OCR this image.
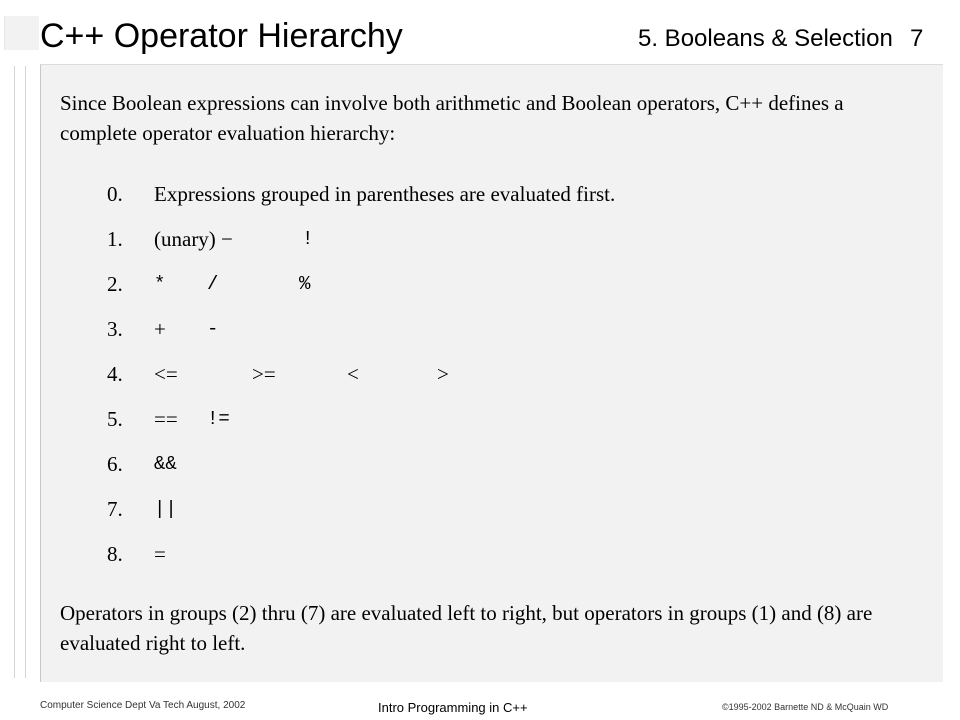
C++ Operator Hierarchy	5. Booleans & Selection 7
Since Boolean expressions can involve both arithmetic and Boolean operators, C++ defines a complete operator evaluation hierarchy:
0. Expressions grouped in parentheses are evaluated first.
1. (unary) −	!
2. * /	%
3. + -
4. <=	>=	<	>
5. == !=
6. &&
7. ||
8. =
Operators in groups (2) thru (7) are evaluated left to right, but operators in groups (1) and (8) are evaluated right to left.
Computer Science Dept Va Tech August, 2002	Intro Programming in C++	©1995-2002 Barnette ND & McQuain WD
